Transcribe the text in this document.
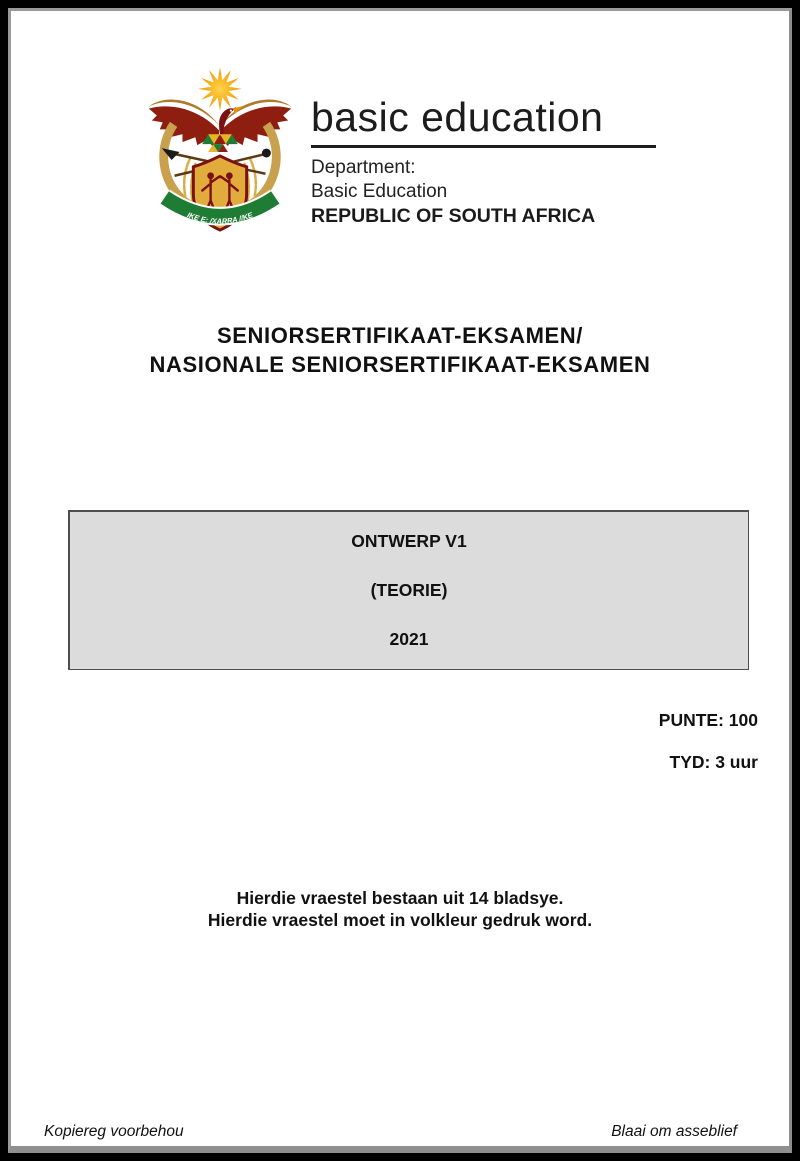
IKE E: /XARRA //KE
basic education
Department:
Basic Education
REPUBLIC OF SOUTH AFRICA
SENIORSERTIFIKAAT-EKSAMEN/
NASIONALE SENIORSERTIFIKAAT-EKSAMEN
ONTWERP V1
(TEORIE)
2021
PUNTE: 100
TYD: 3 uur
Hierdie vraestel bestaan uit 14 bladsye.
Hierdie vraestel moet in volkleur gedruk word.
Kopiereg voorbehou	Blaai om asseblief
